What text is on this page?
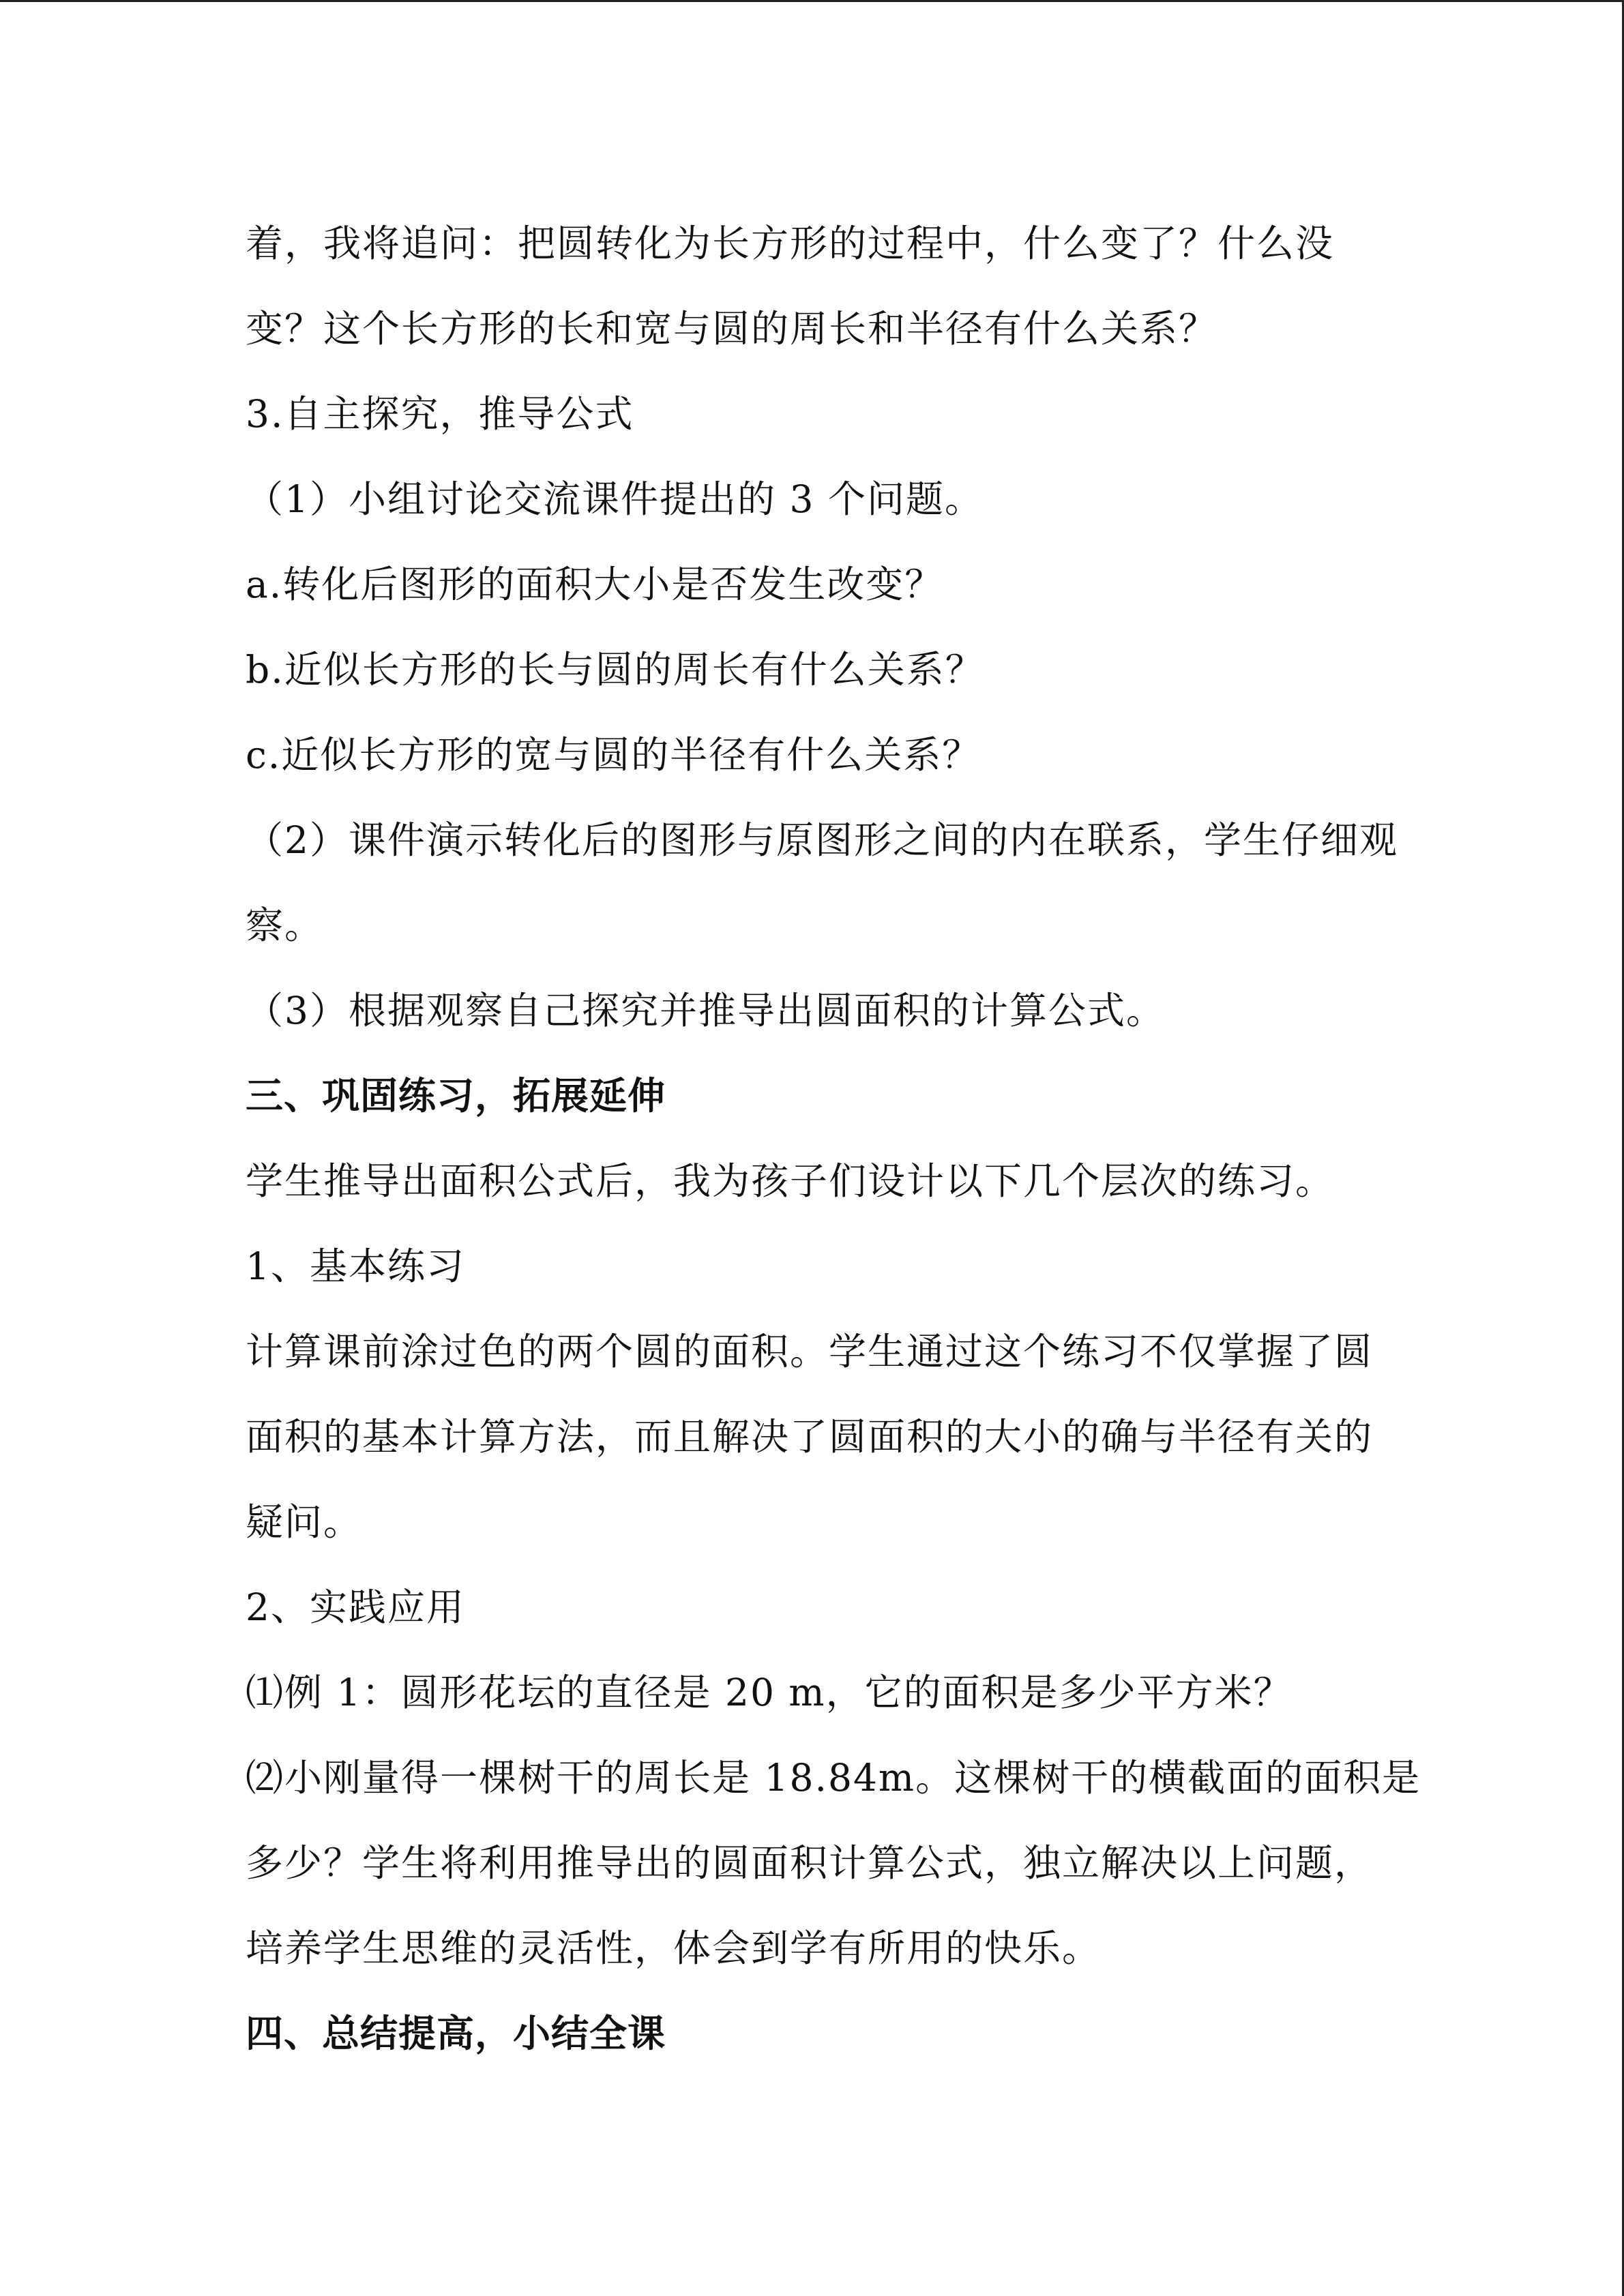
着，我将追问：把圆转化为长方形的过程中，什么变了？什么没
变？这个长方形的长和宽与圆的周长和半径有什么关系？
3.自主探究，推导公式
（1）小组讨论交流课件提出的 3 个问题。
a.转化后图形的面积大小是否发生改变？
b.近似长方形的长与圆的周长有什么关系？
c.近似长方形的宽与圆的半径有什么关系？
（2）课件演示转化后的图形与原图形之间的内在联系，学生仔细观
察。
（3）根据观察自己探究并推导出圆面积的计算公式。
三、巩固练习，拓展延伸
学生推导出面积公式后，我为孩子们设计以下几个层次的练习。
1、基本练习
计算课前涂过色的两个圆的面积。学生通过这个练习不仅掌握了圆
面积的基本计算方法，而且解决了圆面积的大小的确与半径有关的
疑问。
2、实践应用
⑴例 1：圆形花坛的直径是 20 m，它的面积是多少平方米？
⑵小刚量得一棵树干的周长是 18.84m。这棵树干的横截面的面积是
多少？学生将利用推导出的圆面积计算公式，独立解决以上问题，
培养学生思维的灵活性，体会到学有所用的快乐。
四、总结提高，小结全课
